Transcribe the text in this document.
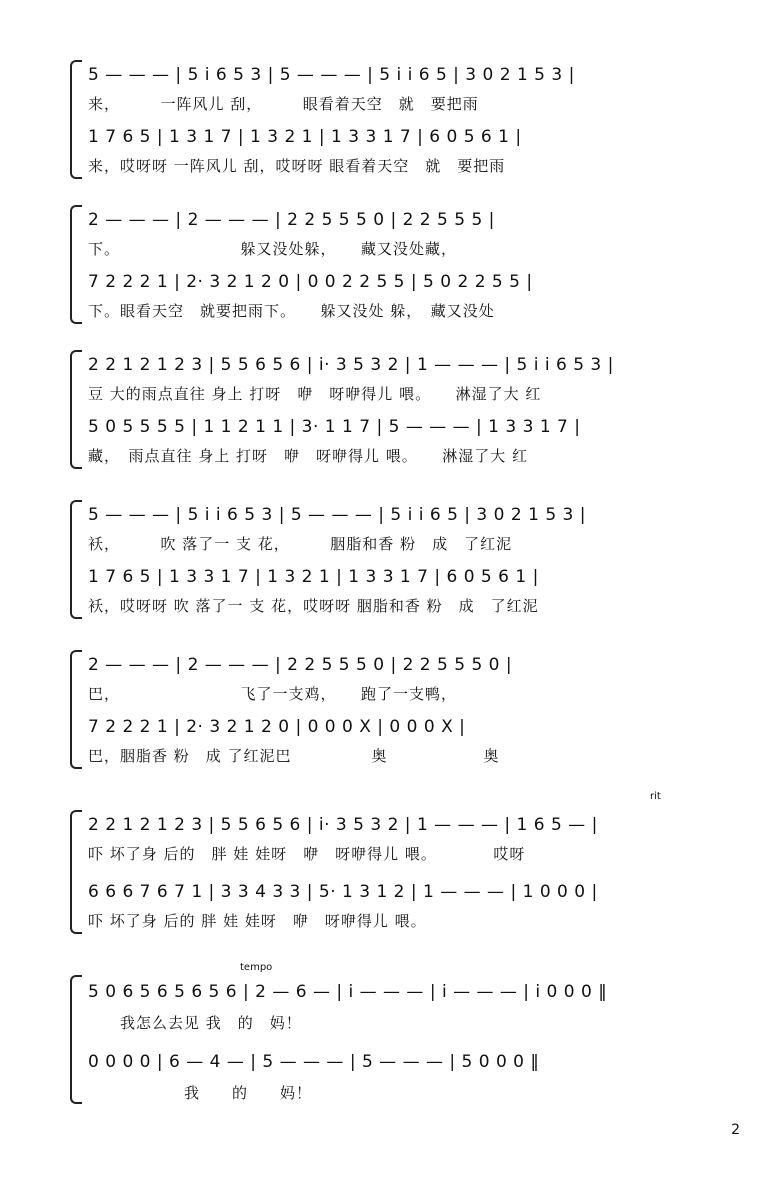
5 — — — | 5 i 6 5 3 | 5 — — — | 5 i i 6 5 | 3 0 2 1 5 3 |
来，　　　一阵风儿 刮，　　　眼看着天空　就　要把雨
1 7 6 5 | 1 3 1 7 | 1 3 2 1 | 1 3 3 1 7 | 6 0 5 6 1 |
来，哎呀呀 一阵风儿 刮，哎呀呀 眼看着天空　就　要把雨
2 — — — | 2 — — — | 2 2 5 5 5 0 | 2 2 5 5 5 |
下。　　　　　　　　躲又没处躲，　　藏又没处藏，
7 2 2 2 1 | 2· 3 2 1 2 0 | 0 0 2 2 5 5 | 5 0 2 2 5 5 |
下。眼看天空　就要把雨下。　　躲又没处 躲，　藏又没处
2 2 1 2 1 2 3 | 5 5 6 5 6 | i· 3 5 3 2 | 1 — — — | 5 i i 6 5 3 |
豆 大的雨点直往 身上 打呀　咿　呀咿得儿 喂。　　淋湿了大 红
5 0 5 5 5 5 | 1 1 2 1 1 | 3· 1 1 7 | 5 — — — | 1 3 3 1 7 |
藏，　雨点直往 身上 打呀　咿　呀咿得儿 喂。　　淋湿了大 红
5 — — — | 5 i i 6 5 3 | 5 — — — | 5 i i 6 5 | 3 0 2 1 5 3 |
袄，　　　吹 落了一 支 花，　　　胭脂和香 粉　成　了红泥
1 7 6 5 | 1 3 3 1 7 | 1 3 2 1 | 1 3 3 1 7 | 6 0 5 6 1 |
袄，哎呀呀 吹 落了一 支 花，哎呀呀 胭脂和香 粉　成　了红泥
2 — — — | 2 — — — | 2 2 5 5 5 0 | 2 2 5 5 5 0 |
巴，　　　　　　　　飞了一支鸡，　　跑了一支鸭，
7 2 2 2 1 | 2· 3 2 1 2 0 | 0 0 0 X | 0 0 0 X |
巴，胭脂香 粉　成 了红泥巴　　　　　奥　　　　　　奥
rit
2 2 1 2 1 2 3 | 5 5 6 5 6 | i· 3 5 3 2 | 1 — — — | 1 6 5 — |
吓 坏了身 后的　胖 娃 娃呀　咿　呀咿得儿 喂。　　　　哎呀
6 6 6 7 6 7 1 | 3 3 4 3 3 | 5· 1 3 1 2 | 1 — — — | 1 0 0 0 |
吓 坏了身 后的 胖 娃 娃呀　咿　呀咿得儿 喂。
tempo
5 0 6 5 6 5 6 5 6 | 2 — 6 — | i — — — | i — — — | i 0 0 0 ‖
　　我怎么去见 我　的　妈！
0 0 0 0 | 6 — 4 — | 5 — — — | 5 — — — | 5 0 0 0 ‖
　　　　　　我　　的　　妈！
2
